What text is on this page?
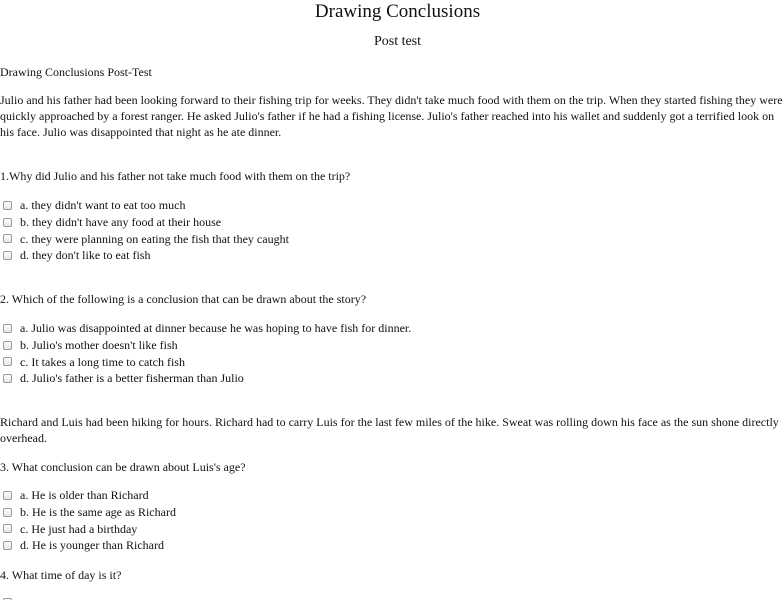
Drawing Conclusions
Post test
Drawing Conclusions Post-Test
Julio and his father had been looking forward to their fishing trip for weeks. They didn't take much food with them on the trip. When they started fishing they were quickly approached by a forest ranger. He asked Julio's father if he had a fishing license. Julio's father reached into his wallet and suddenly got a terrified look on his face. Julio was disappointed that night as he ate dinner.
1.Why did Julio and his father not take much food with them on the trip?
a. they didn't want to eat too much
b. they didn't have any food at their house
c. they were planning on eating the fish that they caught
d. they don't like to eat fish
2. Which of the following is a conclusion that can be drawn about the story?
a. Julio was disappointed at dinner because he was hoping to have fish for dinner.
b. Julio's mother doesn't like fish
c. It takes a long time to catch fish
d. Julio's father is a better fisherman than Julio
Richard and Luis had been hiking for hours. Richard had to carry Luis for the last few miles of the hike. Sweat was rolling down his face as the sun shone directly overhead.
3. What conclusion can be drawn about Luis's age?
a. He is older than Richard
b. He is the same age as Richard
c. He just had a birthday
d. He is younger than Richard
4. What time of day is it?
